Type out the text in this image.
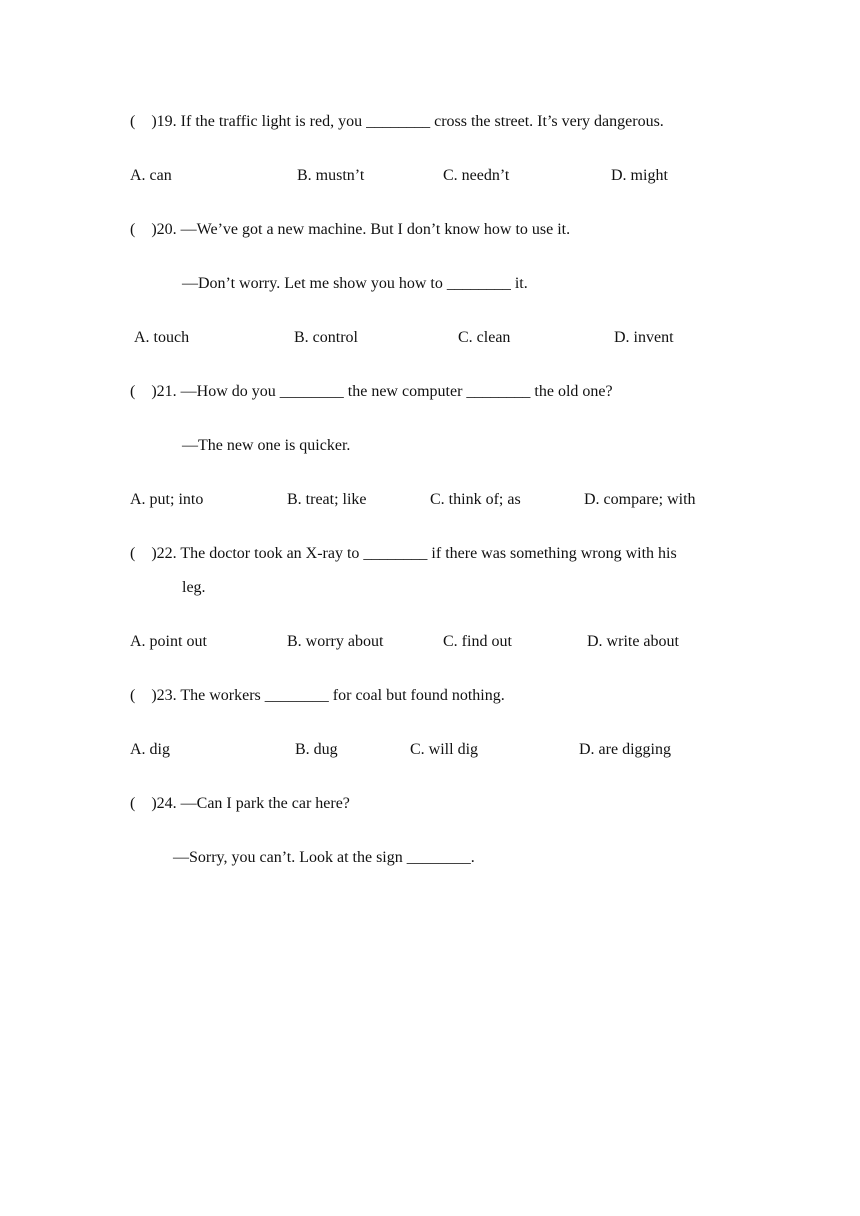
(    )19. If the traffic light is red, you ________ cross the street. It’s very dangerous.
A. can	B. mustn’t	C. needn’t	D. might
(    )20. —We’ve got a new machine. But I don’t know how to use it.
—Don’t worry. Let me show you how to ________ it.
A. touch	B. control	C. clean	D. invent
(    )21. —How do you ________ the new computer ________ the old one?
—The new one is quicker.
A. put; into	B. treat; like	C. think of; as	D. compare; with
(    )22. The doctor took an X-ray to ________ if there was something wrong with his
leg.
A. point out	B. worry about	C. find out	D. write about
(    )23. The workers ________ for coal but found nothing.
A. dig	B. dug	C. will dig	D. are digging
(    )24. —Can I park the car here?
—Sorry, you can’t. Look at the sign ________.
